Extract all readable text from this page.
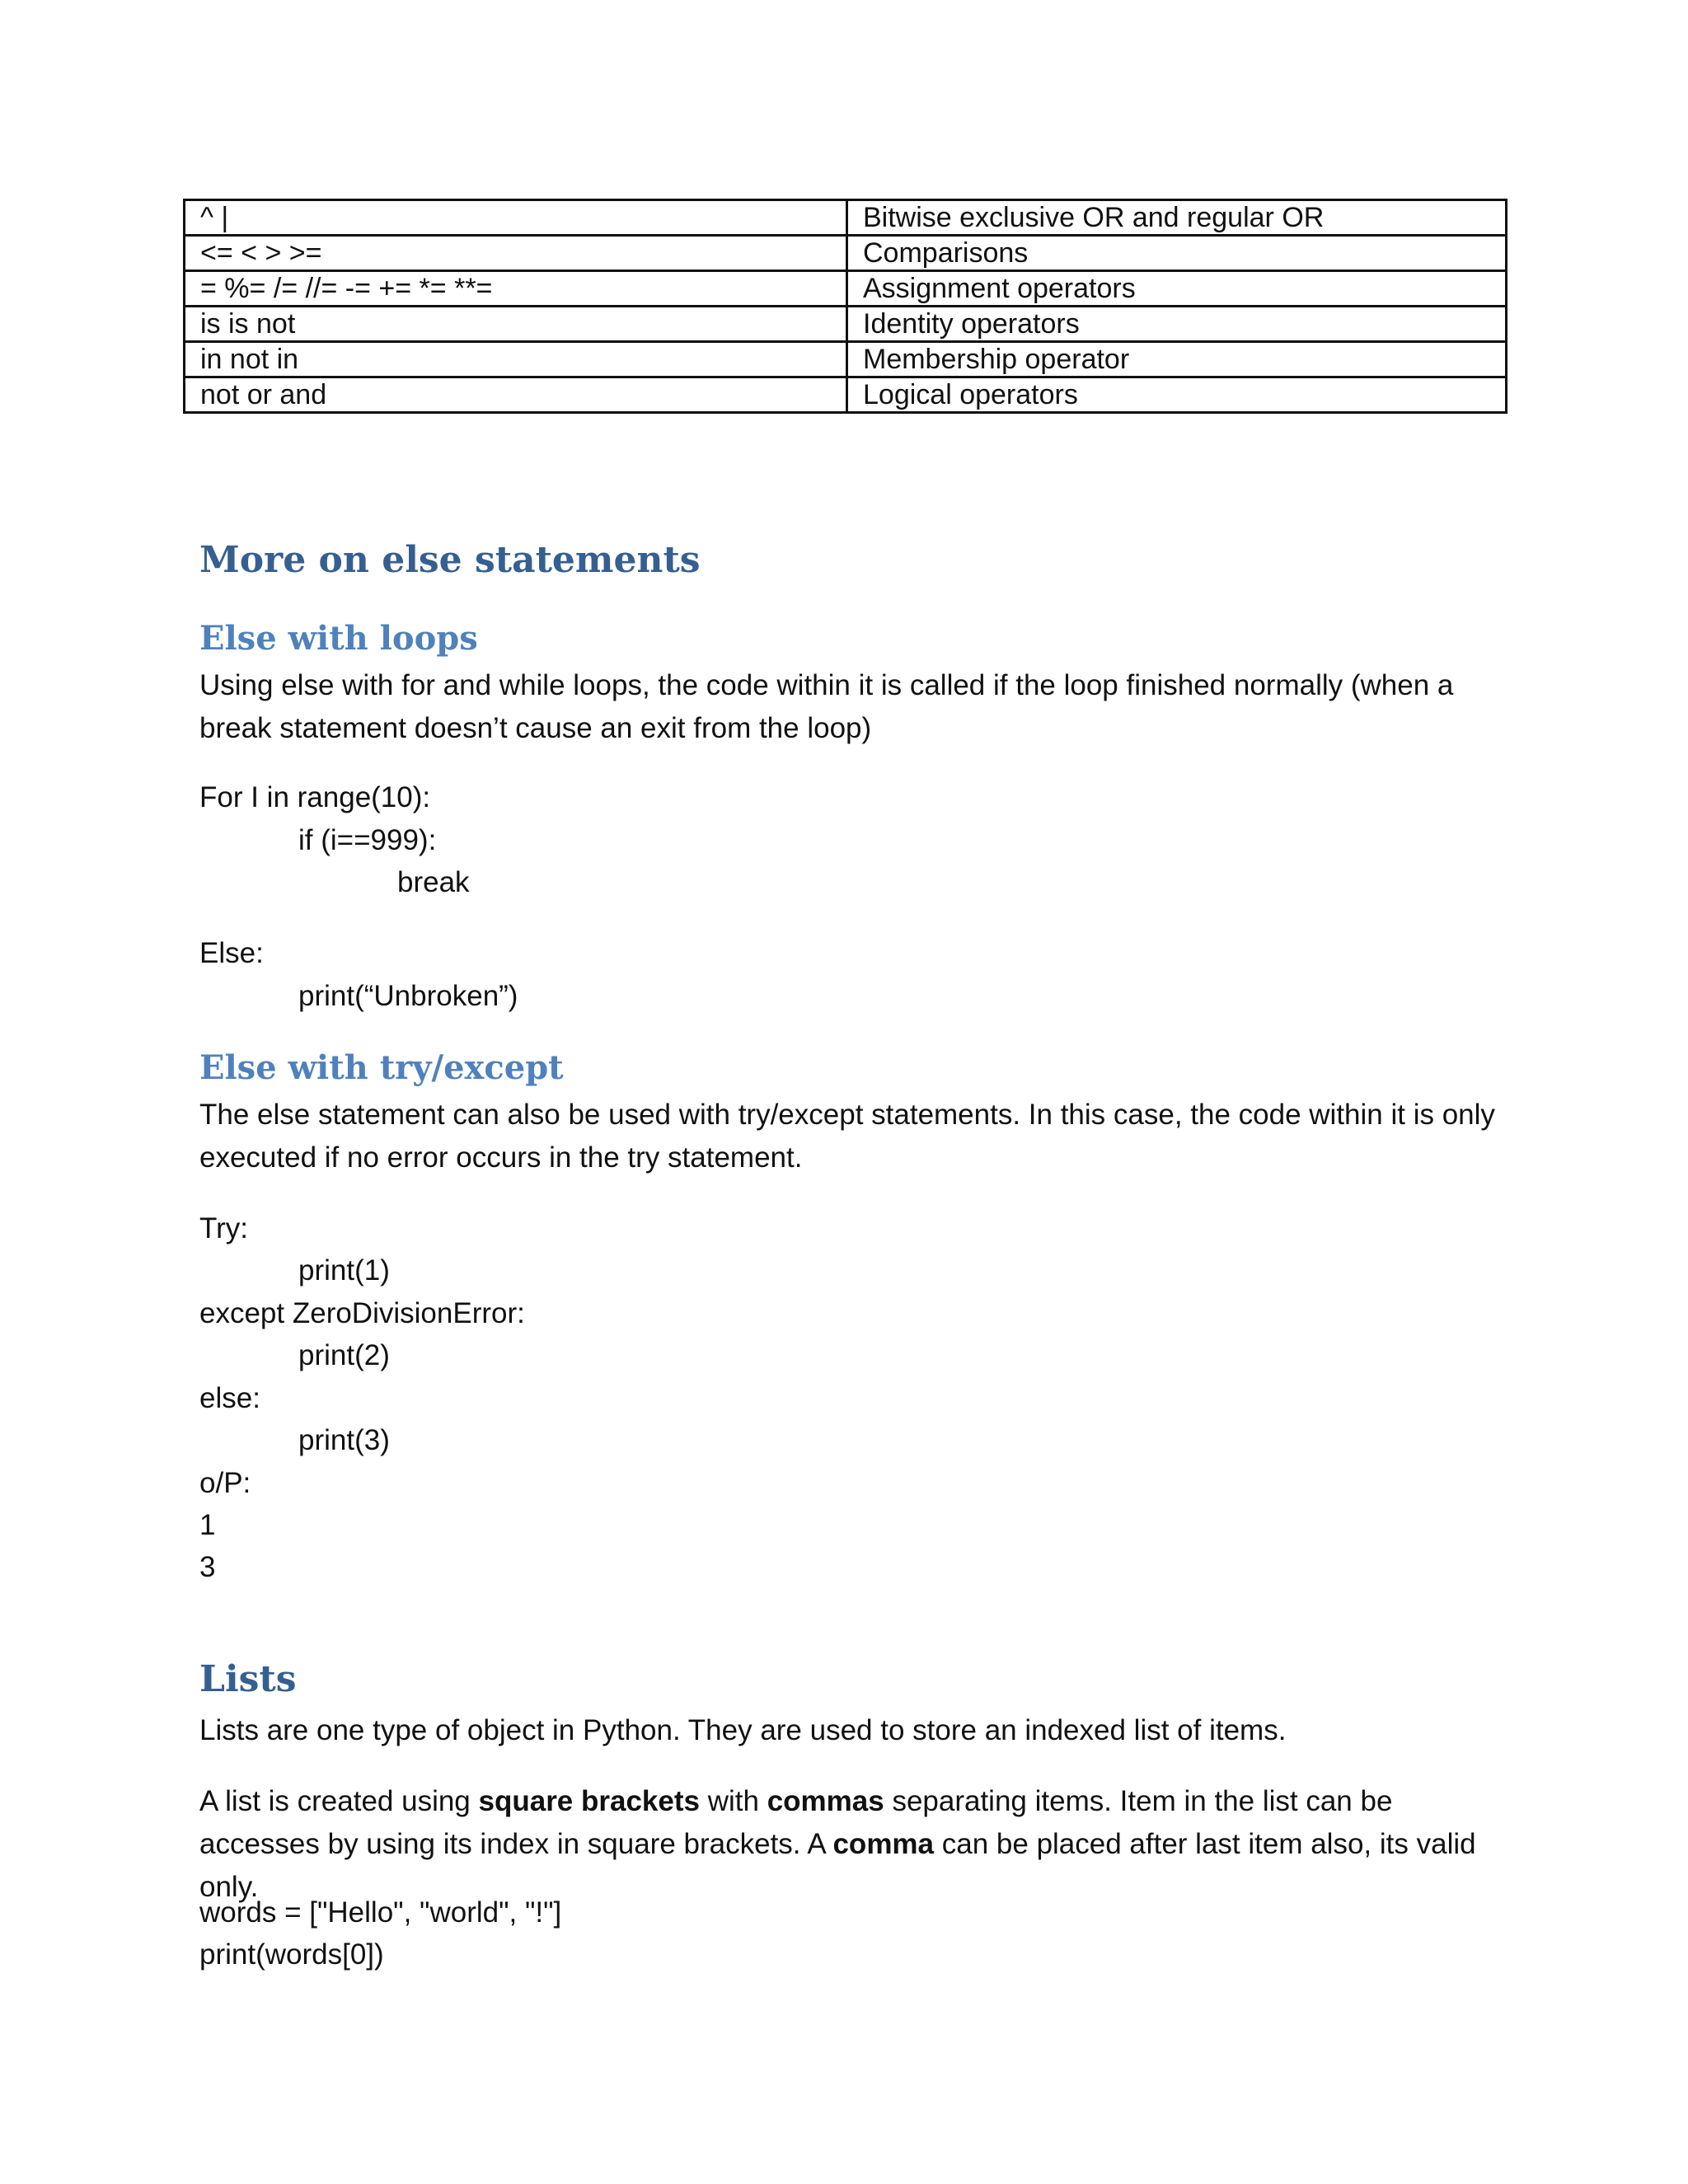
^ |	Bitwise exclusive OR and regular OR
<= < > >=	Comparisons
= %= /= //= -= += *= **=	Assignment operators
is is not	Identity operators
in not in	Membership operator
not or and	Logical operators
More on else statements
Else with loops

Using else with for and while loops, the code within it is called if the loop finished normally (when a break statement doesn’t cause an exit from the loop)

For I in range(10):
if (i==999):
break
Else:
print(“Unbroken”)
Else with try/except

The else statement can also be used with try/except statements. In this case, the code within it is only executed if no error occurs in the try statement.

Try:
print(1)
except ZeroDivisionError:
print(2)
else:
print(3)
o/P:
1
3
Lists

Lists are one type of object in Python. They are used to store an indexed list of items.

A list is created using square brackets with commas separating items. Item in the list can be accesses by using its index in square brackets. A comma can be placed after last item also, its valid only.

words = ["Hello", "world", "!"]
print(words[0])
